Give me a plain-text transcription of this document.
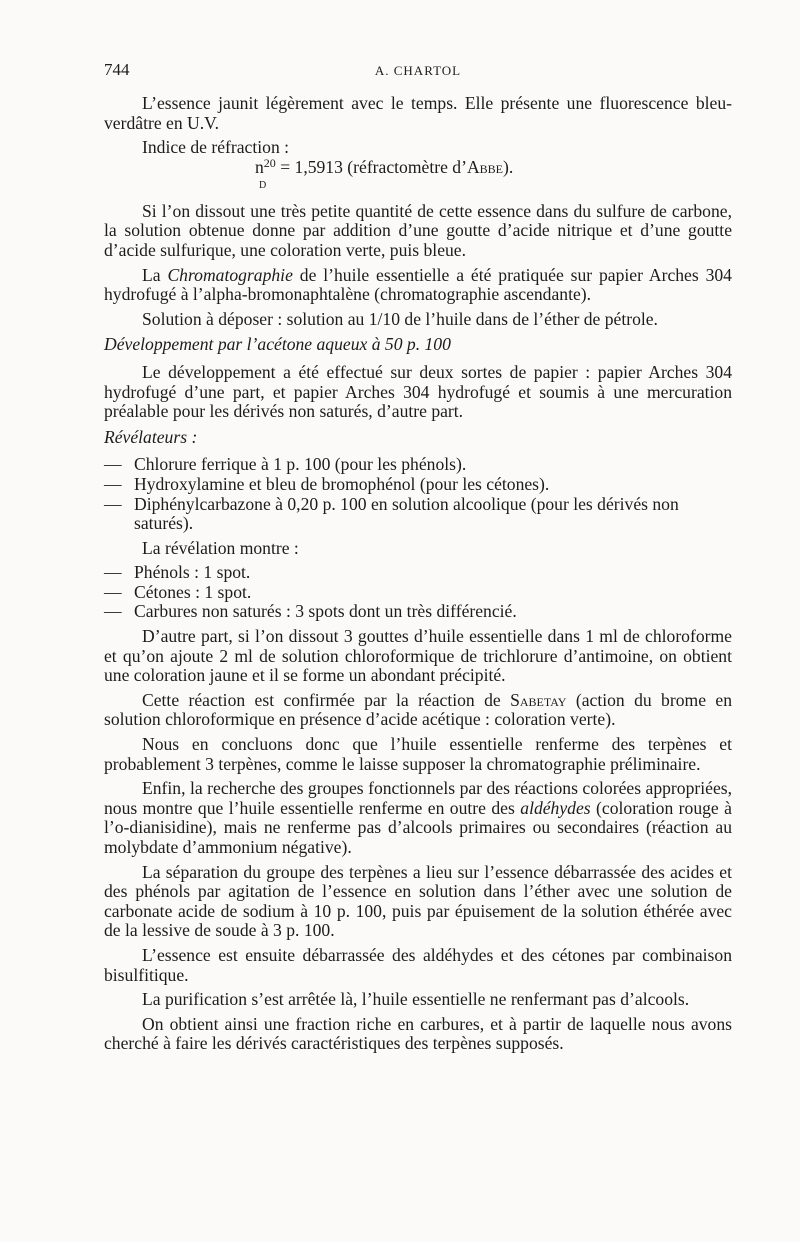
744	A. CHARTOL

L’essence jaunit légèrement avec le temps. Elle présente une fluorescence bleu-verdâtre en U.V.

Indice de réfraction :

$n^{20} = 1,5913$ (réfractomètre d’Abbe).
D

Si l’on dissout une très petite quantité de cette essence dans du sulfure de carbone, la solution obtenue donne par addition d’une goutte d’acide nitrique et d’une goutte d’acide sulfurique, une coloration verte, puis bleue.

La Chromatographie de l’huile essentielle a été pratiquée sur papier Arches 304 hydrofugé à l’alpha-bromonaphtalène (chromatographie ascendante).

Solution à déposer : solution au 1/10 de l’huile dans de l’éther de pétrole.

Développement par l’acétone aqueux à 50 p. 100

Le développement a été effectué sur deux sortes de papier : papier Arches 304 hydrofugé d’une part, et papier Arches 304 hydrofugé et soumis à une mercuration préalable pour les dérivés non saturés, d’autre part.

Révélateurs :

— Chlorure ferrique à 1 p. 100 (pour les phénols).
— Hydroxylamine et bleu de bromophénol (pour les cétones).
— Diphénylcarbazone à 0,20 p. 100 en solution alcoolique (pour les dérivés non saturés).

La révélation montre :

— Phénols : 1 spot.
— Cétones : 1 spot.
— Carbures non saturés : 3 spots dont un très différencié.

D’autre part, si l’on dissout 3 gouttes d’huile essentielle dans 1 ml de chloroforme et qu’on ajoute 2 ml de solution chloroformique de trichlorure d’antimoine, on obtient une coloration jaune et il se forme un abondant précipité.

Cette réaction est confirmée par la réaction de Sabetay (action du brome en solution chloroformique en présence d’acide acétique : coloration verte).

Nous en concluons donc que l’huile essentielle renferme des terpènes et probablement 3 terpènes, comme le laisse supposer la chromatographie préliminaire.

Enfin, la recherche des groupes fonctionnels par des réactions colorées appropriées, nous montre que l’huile essentielle renferme en outre des aldéhydes (coloration rouge à l’o-dianisidine), mais ne renferme pas d’alcools primaires ou secondaires (réaction au molybdate d’ammonium négative).

La séparation du groupe des terpènes a lieu sur l’essence débarrassée des acides et des phénols par agitation de l’essence en solution dans l’éther avec une solution de carbonate acide de sodium à 10 p. 100, puis par épuisement de la solution éthérée avec de la lessive de soude à 3 p. 100.

L’essence est ensuite débarrassée des aldéhydes et des cétones par combinaison bisulfitique.

La purification s’est arrêtée là, l’huile essentielle ne renfermant pas d’alcools.

On obtient ainsi une fraction riche en carbures, et à partir de laquelle nous avons cherché à faire les dérivés caractéristiques des terpènes supposés.
